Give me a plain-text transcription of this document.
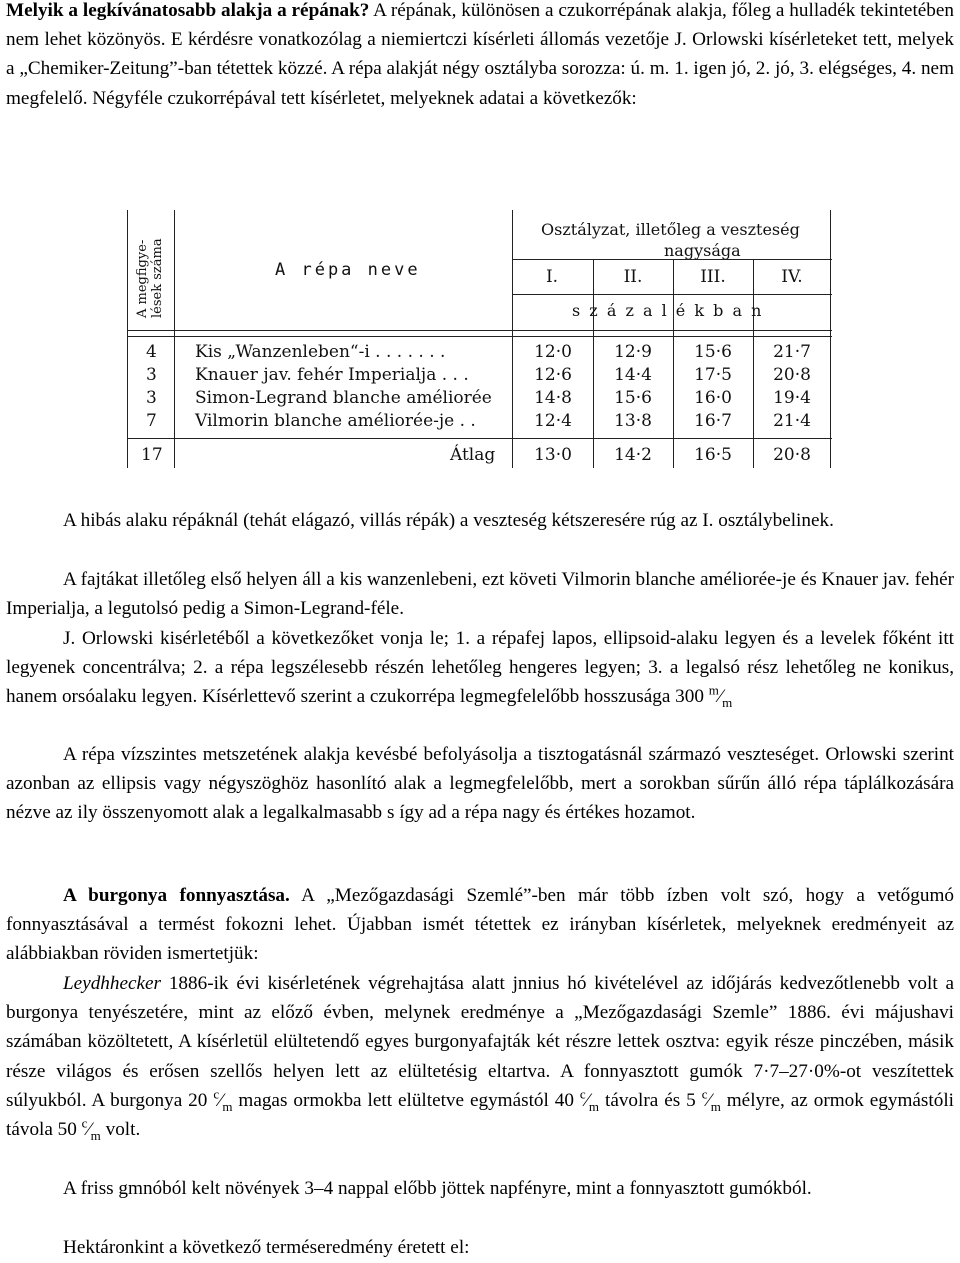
Melyik a legkívánatosabb alakja a répának? A répának, különösen a czukorrépának alakja, főleg a hulladék tekintetében nem lehet közönyös. E kérdésre vonatkozólag a niemiertczi kísérleti állomás vezetője J. Orlowski kísérleteket tett, melyek a „Chemiker-Zeitung”-ban tétettek közzé. A répa alakját négy osztályba sorozza: ú. m. 1. igen jó, 2. jó, 3. elégséges, 4. nem megfelelő. Négyféle czukorrépával tett kísérletet, melyeknek adatai a következők:

A megfigye- lések száma	A répa neve
Osztályzat, illetőleg a veszteség
nagysága
I.	II.	III.	IV.
s z á z a l é k b a n
4 Kis „Wanzenleben“-i . . . . . . .	12·0	12·9	15·6	21·7
3 Knauer jav. fehér Imperialja . . .	12·6	14·4	17·5	20·8
3 Simon-Legrand blanche améliorée	14·8	15·6	16·0	19·4
7 Vilmorin blanche améliorée-je . .	12·4	13·8	16·7	21·4
17	Átlag	13·0	14·2	16·5	20·8

A hibás alaku répáknál (tehát elágazó, villás répák) a veszteség kétszeresére rúg az I. osztálybelinek.

A fajtákat illetőleg első helyen áll a kis wanzenlebeni, ezt követi Vilmorin blanche améliorée-je és Knauer jav. fehér Imperialja, a legutolsó pedig a Simon-Legrand-féle.

J. Orlowski kisérletéből a következőket vonja le; 1. a répafej lapos, ellipsoid-alaku legyen és a levelek főként itt legyenek concentrálva; 2. a répa legszélesebb részén lehetőleg hengeres legyen; 3. a legalsó rész lehetőleg ne konikus, hanem orsóalaku legyen. Kísérlettevő szerint a czukorrépa legmegfelelőbb hosszusága 300 $^m⁄_m$

A répa vízszintes metszetének alakja kevésbé befolyásolja a tisztogatásnál származó veszteséget. Orlowski szerint azonban az ellipsis vagy négyszöghöz hasonlító alak a legmegfelelőbb, mert a sorokban sűrűn álló répa táplálkozására nézve az ily összenyomott alak a legalkalmasabb s így ad a répa nagy és értékes hozamot.

A burgonya fonnyasztása. A „Mezőgazdasági Szemlé”-ben már több ízben volt szó, hogy a vetőgumó fonnyasztásával a termést fokozni lehet. Újabban ismét tétettek ez irányban kísérletek, melyeknek eredményeit az alábbiakban röviden ismertetjük:

Leydhhecker 1886-ik évi kisérletének végrehajtása alatt jnnius hó kivételével az időjárás kedvezőtlenebb volt a burgonya tenyészetére, mint az előző évben, melynek eredménye a „Mezőgazdasági Szemle” 1886. évi májushavi számában közöltetett, A kísérletül elültetendő egyes burgonyafajták két részre lettek osztva: egyik része pinczében, másik része világos és erősen szellős helyen lett az elültetésig eltartva. A fonnyasztott gumók 7·7–27·0%-ot veszítettek súlyukból. A burgonya 20 $^c⁄_m$ magas ormokba lett elültetve egymástól 40 $^c⁄_m$ távolra és 5 $^c⁄_m$ mélyre, az ormok egymástóli távola 50 $^c⁄_m$ volt.

A friss gmnóból kelt növények 3–4 nappal előbb jöttek napfényre, mint a fonnyasztott gumókból.

Hektáronkint a következő terméseredmény éretett el:
